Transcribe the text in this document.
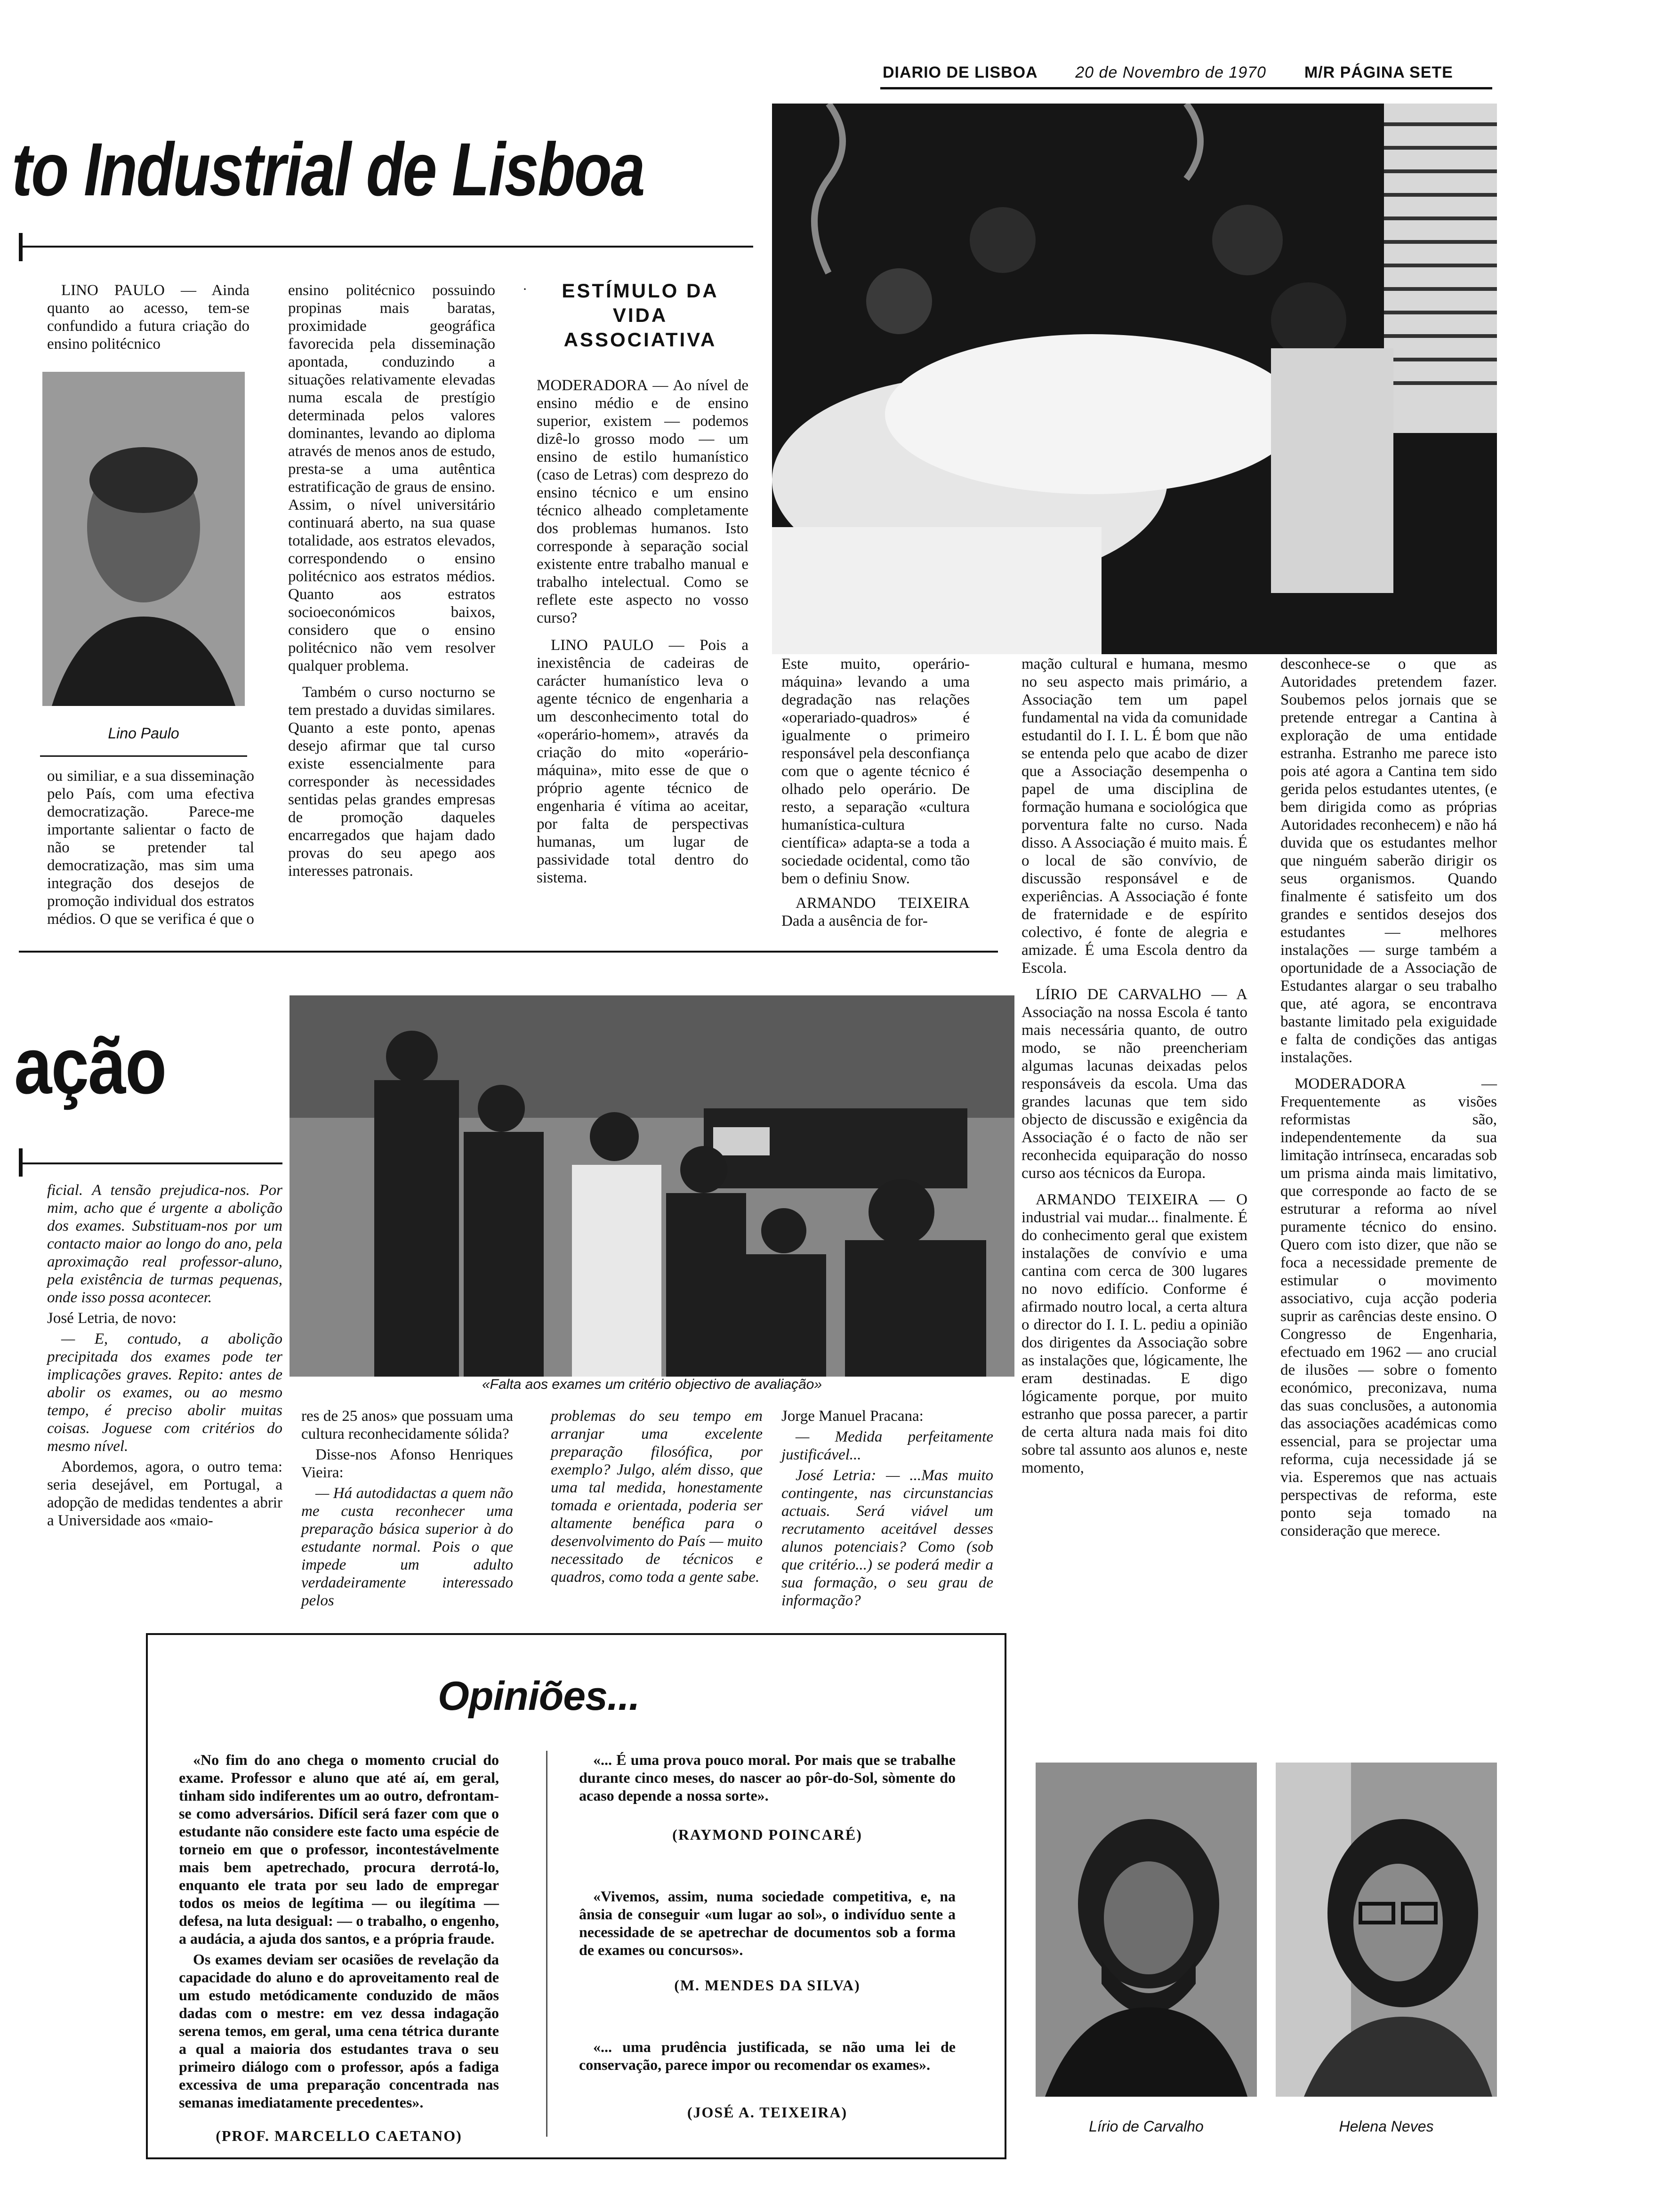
DIARIO DE LISBOA 20 de Novembro de 1970 M/R PÁGINA SETE
to Industrial de Lisboa
Lino Paulo

LINO PAULO — Ainda quanto ao acesso, tem-se confundido a futura criação do ensino politécnico

ou similiar, e a sua disseminação pelo País, com uma efectiva democratização. Parece-me importante salientar o facto de não se pretender tal democratização, mas sim uma integração dos desejos de promoção individual dos estratos médios. O que se verifica é que o

ensino politécnico possuindo propinas mais baratas, proximidade geográfica favorecida pela disseminação apontada, conduzindo a situações relativamente elevadas numa escala de prestígio determinada pelos valores dominantes, levando ao diploma através de menos anos de estudo, presta-se a uma autêntica estratificação de graus de ensino. Assim, o nível universitário continuará aberto, na sua quase totalidade, aos estratos elevados, correspondendo o ensino politécnico aos estratos médios. Quanto aos estratos socioeconómicos baixos, considero que o ensino politécnico não vem resolver qualquer problema.

Também o curso nocturno se tem prestado a duvidas similares. Quanto a este ponto, apenas desejo afirmar que tal curso existe essencialmente para corresponder às necessidades sentidas pelas grandes empresas de promoção daqueles encarregados que hajam dado provas do seu apego aos interesses patronais.

ESTÍMULO DA VIDA ASSOCIATIVA

MODERADORA — Ao nível de ensino médio e de ensino superior, existem — podemos dizê-lo grosso modo — um ensino de estilo humanístico (caso de Letras) com desprezo do ensino técnico e um ensino técnico alheado completamente dos problemas humanos. Isto corresponde à separação social existente entre trabalho manual e trabalho intelectual. Como se reflete este aspecto no vosso curso?

LINO PAULO — Pois a inexistência de cadeiras de carácter humanístico leva o agente técnico de engenharia a um desconhecimento total do «operário-homem», através da criação do mito «operário-máquina», mito esse de que o próprio agente técnico de engenharia é vítima ao aceitar, por falta de perspectivas humanas, um lugar de passividade total dentro do sistema.

Este muito, operário-máquina» levando a uma degradação nas relações «operariado-quadros» é igualmente o primeiro responsável pela desconfiança com que o agente técnico é olhado pelo operário. De resto, a separação «cultura humanística-cultura científica» adapta-se a toda a sociedade ocidental, como tão bem o definiu Snow.

ARMANDO TEIXEIRA Dada a ausência de for-

mação cultural e humana, mesmo no seu aspecto mais primário, a Associação tem um papel fundamental na vida da comunidade estudantil do I. I. L. É bom que não se entenda pelo que acabo de dizer que a Associação desempenha o papel de uma disciplina de formação humana e sociológica que porventura falte no curso. Nada disso. A Associação é muito mais. É o local de são convívio, de discussão responsável e de experiências. A Associação é fonte de fraternidade e de espírito colectivo, é fonte de alegria e amizade. É uma Escola dentro da Escola.

LÍRIO DE CARVALHO — A Associação na nossa Escola é tanto mais necessária quanto, de outro modo, se não preencheriam algumas lacunas deixadas pelos responsáveis da escola. Uma das grandes lacunas que tem sido objecto de discussão e exigência da Associação é o facto de não ser reconhecida equiparação do nosso curso aos técnicos da Europa.

ARMANDO TEIXEIRA — O industrial vai mudar... finalmente. É do conhecimento geral que existem instalações de convívio e uma cantina com cerca de 300 lugares no novo edifício. Conforme é afirmado noutro local, a certa altura o director do I. I. L. pediu a opinião dos dirigentes da Associação sobre as instalações que, lógicamente, lhe eram destinadas. E digo lógicamente porque, por muito estranho que possa parecer, a partir de certa altura nada mais foi dito sobre tal assunto aos alunos e, neste momento,

desconhece-se o que as Autoridades pretendem fazer. Soubemos pelos jornais que se pretende entregar a Cantina à exploração de uma entidade estranha. Estranho me parece isto pois até agora a Cantina tem sido gerida pelos estudantes utentes, (e bem dirigida como as próprias Autoridades reconhecem) e não há duvida que os estudantes melhor que ninguém saberão dirigir os seus organismos. Quando finalmente é satisfeito um dos grandes e sentidos desejos dos estudantes — melhores instalações — surge também a oportunidade de a Associação de Estudantes alargar o seu trabalho que, até agora, se encontrava bastante limitado pela exiguidade e falta de condições das antigas instalações.

MODERADORA — Frequentemente as visões reformistas são, independentemente da sua limitação intrínseca, encaradas sob um prisma ainda mais limitativo, que corresponde ao facto de se estruturar a reforma ao nível puramente técnico do ensino. Quero com isto dizer, que não se foca a necessidade premente de estimular o movimento associativo, cuja acção poderia suprir as carências deste ensino. O Congresso de Engenharia, efectuado em 1962 — ano crucial de ilusões — sobre o fomento económico, preconizava, numa das suas conclusões, a autonomia das associações académicas como essencial, para se projectar uma reforma, cuja necessidade já se via. Esperemos que nas actuais perspectivas de reforma, este ponto seja tomado na consideração que merece.

ação
«Falta aos exames um critério objectivo de avaliação»

ficial. A tensão prejudica-nos. Por mim, acho que é urgente a abolição dos exames. Substituam-nos por um contacto maior ao longo do ano, pela aproximação real professor-aluno, pela existência de turmas pequenas, onde isso possa acontecer.

José Letria, de novo:

— E, contudo, a abolição precipitada dos exames pode ter implicações graves. Repito: antes de abolir os exames, ou ao mesmo tempo, é preciso abolir muitas coisas. Joguese com critérios do mesmo nível.

Abordemos, agora, o outro tema: seria desejável, em Portugal, a adopção de medidas tendentes a abrir a Universidade aos «maio-

res de 25 anos» que possuam uma cultura reconhecidamente sólida?

Disse-nos Afonso Henriques Vieira:

— Há autodidactas a quem não me custa reconhecer uma preparação básica superior à do estudante normal. Pois o que impede um adulto verdadeiramente interessado pelos

problemas do seu tempo em arranjar uma excelente preparação filosófica, por exemplo? Julgo, além disso, que uma tal medida, honestamente tomada e orientada, poderia ser altamente benéfica para o desenvolvimento do País — muito necessitado de técnicos e quadros, como toda a gente sabe.

Jorge Manuel Pracana:

— Medida perfeitamente justificável...

José Letria: — ...Mas muito contingente, nas circunstancias actuais. Será viável um recrutamento aceitável desses alunos potenciais? Como (sob que critério...) se poderá medir a sua formação, o seu grau de informação?

Opiniões...

«No fim do ano chega o momento crucial do exame. Professor e aluno que até aí, em geral, tinham sido indiferentes um ao outro, defrontam-se como adversários. Difícil será fazer com que o estudante não considere este facto uma espécie de torneio em que o professor, incontestávelmente mais bem apetrechado, procura derrotá-lo, enquanto ele trata por seu lado de empregar todos os meios de legítima — ou ilegítima — defesa, na luta desigual: — o trabalho, o engenho, a audácia, a ajuda dos santos, e a própria fraude.

Os exames deviam ser ocasiões de revelação da capacidade do aluno e do aproveitamento real de um estudo metódicamente conduzido de mãos dadas com o mestre: em vez dessa indagação serena temos, em geral, uma cena tétrica durante a qual a maioria dos estudantes trava o seu primeiro diálogo com o professor, após a fadiga excessiva de uma preparação concentrada nas semanas imediatamente precedentes».

(PROF. MARCELLO CAETANO)

«... É uma prova pouco moral. Por mais que se trabalhe durante cinco meses, do nascer ao pôr-do-Sol, sòmente do acaso depende a nossa sorte».

(RAYMOND POINCARÉ)

«Vivemos, assim, numa sociedade competitiva, e, na ânsia de conseguir «um lugar ao sol», o indivíduo sente a necessidade de se apetrechar de documentos sob a forma de exames ou concursos».

(M. MENDES DA SILVA)

«... uma prudência justificada, se não uma lei de conservação, parece impor ou recomendar os exames».

(JOSÉ A. TEIXEIRA)
Lírio de Carvalho	Helena Neves
·
